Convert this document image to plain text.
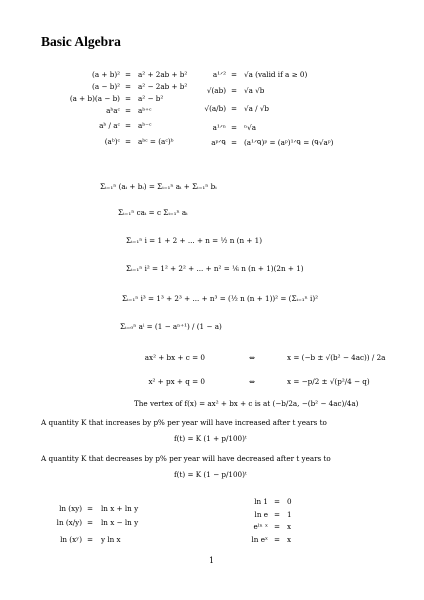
Basic Algebra
(a + b)² = a² + 2ab + b²
(a − b)² = a² − 2ab + b²
(a + b)(a − b) = a² − b²
aᵇaᶜ = aᵇ⁺ᶜ
aᵇ / aᶜ = aᵇ⁻ᶜ
(aᵇ)ᶜ = aᵇᶜ = (aᶜ)ᵇ
a¹ᐟ² = √a (valid if a ≥ 0)
√(ab) = √a √b
√(a/b) = √a / √b
a¹ᐟⁿ = ⁿ√a
aᵖᐟᑫ = (a¹ᐟᑫ)ᵖ = (aᵖ)¹ᐟᑫ = (ᑫ√aᵖ)
Σᵢ₌₁ⁿ (aᵢ + bᵢ) = Σᵢ₌₁ⁿ aᵢ + Σᵢ₌₁ⁿ bᵢ
Σᵢ₌₁ⁿ caᵢ = c Σᵢ₌₁ⁿ aᵢ
Σᵢ₌₁ⁿ i = 1 + 2 + ... + n = ½ n (n + 1)
Σᵢ₌₁ⁿ i² = 1² + 2² + ... + n² = ⅙ n (n + 1)(2n + 1)
Σᵢ₌₁ⁿ i³ = 1³ + 2³ + ... + n³ = (½ n (n + 1))² = (Σᵢ₌₁ⁿ i)²
Σᵢ₌₀ⁿ aⁱ = (1 − aⁿ⁺¹) / (1 − a)
ax² + bx + c = 0	⇔	x = (−b ± √(b² − 4ac)) / 2a
x² + px + q = 0	⇔	x = −p/2 ± √(p²/4 − q)
The vertex of f(x) = ax² + bx + c is at (−b/2a, −(b² − 4ac)/4a)
A quantity K that increases by p% per year will have increased after t years to
f(t) = K (1 + p/100)ᵗ
A quantity K that decreases by p% per year will have decreased after t years to
f(t) = K (1 − p/100)ᵗ
ln (xy) =	ln x + ln y
ln (x/y) =	ln x − ln y
ln (xʸ) =	y ln x
ln 1 = 0
ln e = 1
eˡⁿ ˣ = x
ln eˣ = x
1
